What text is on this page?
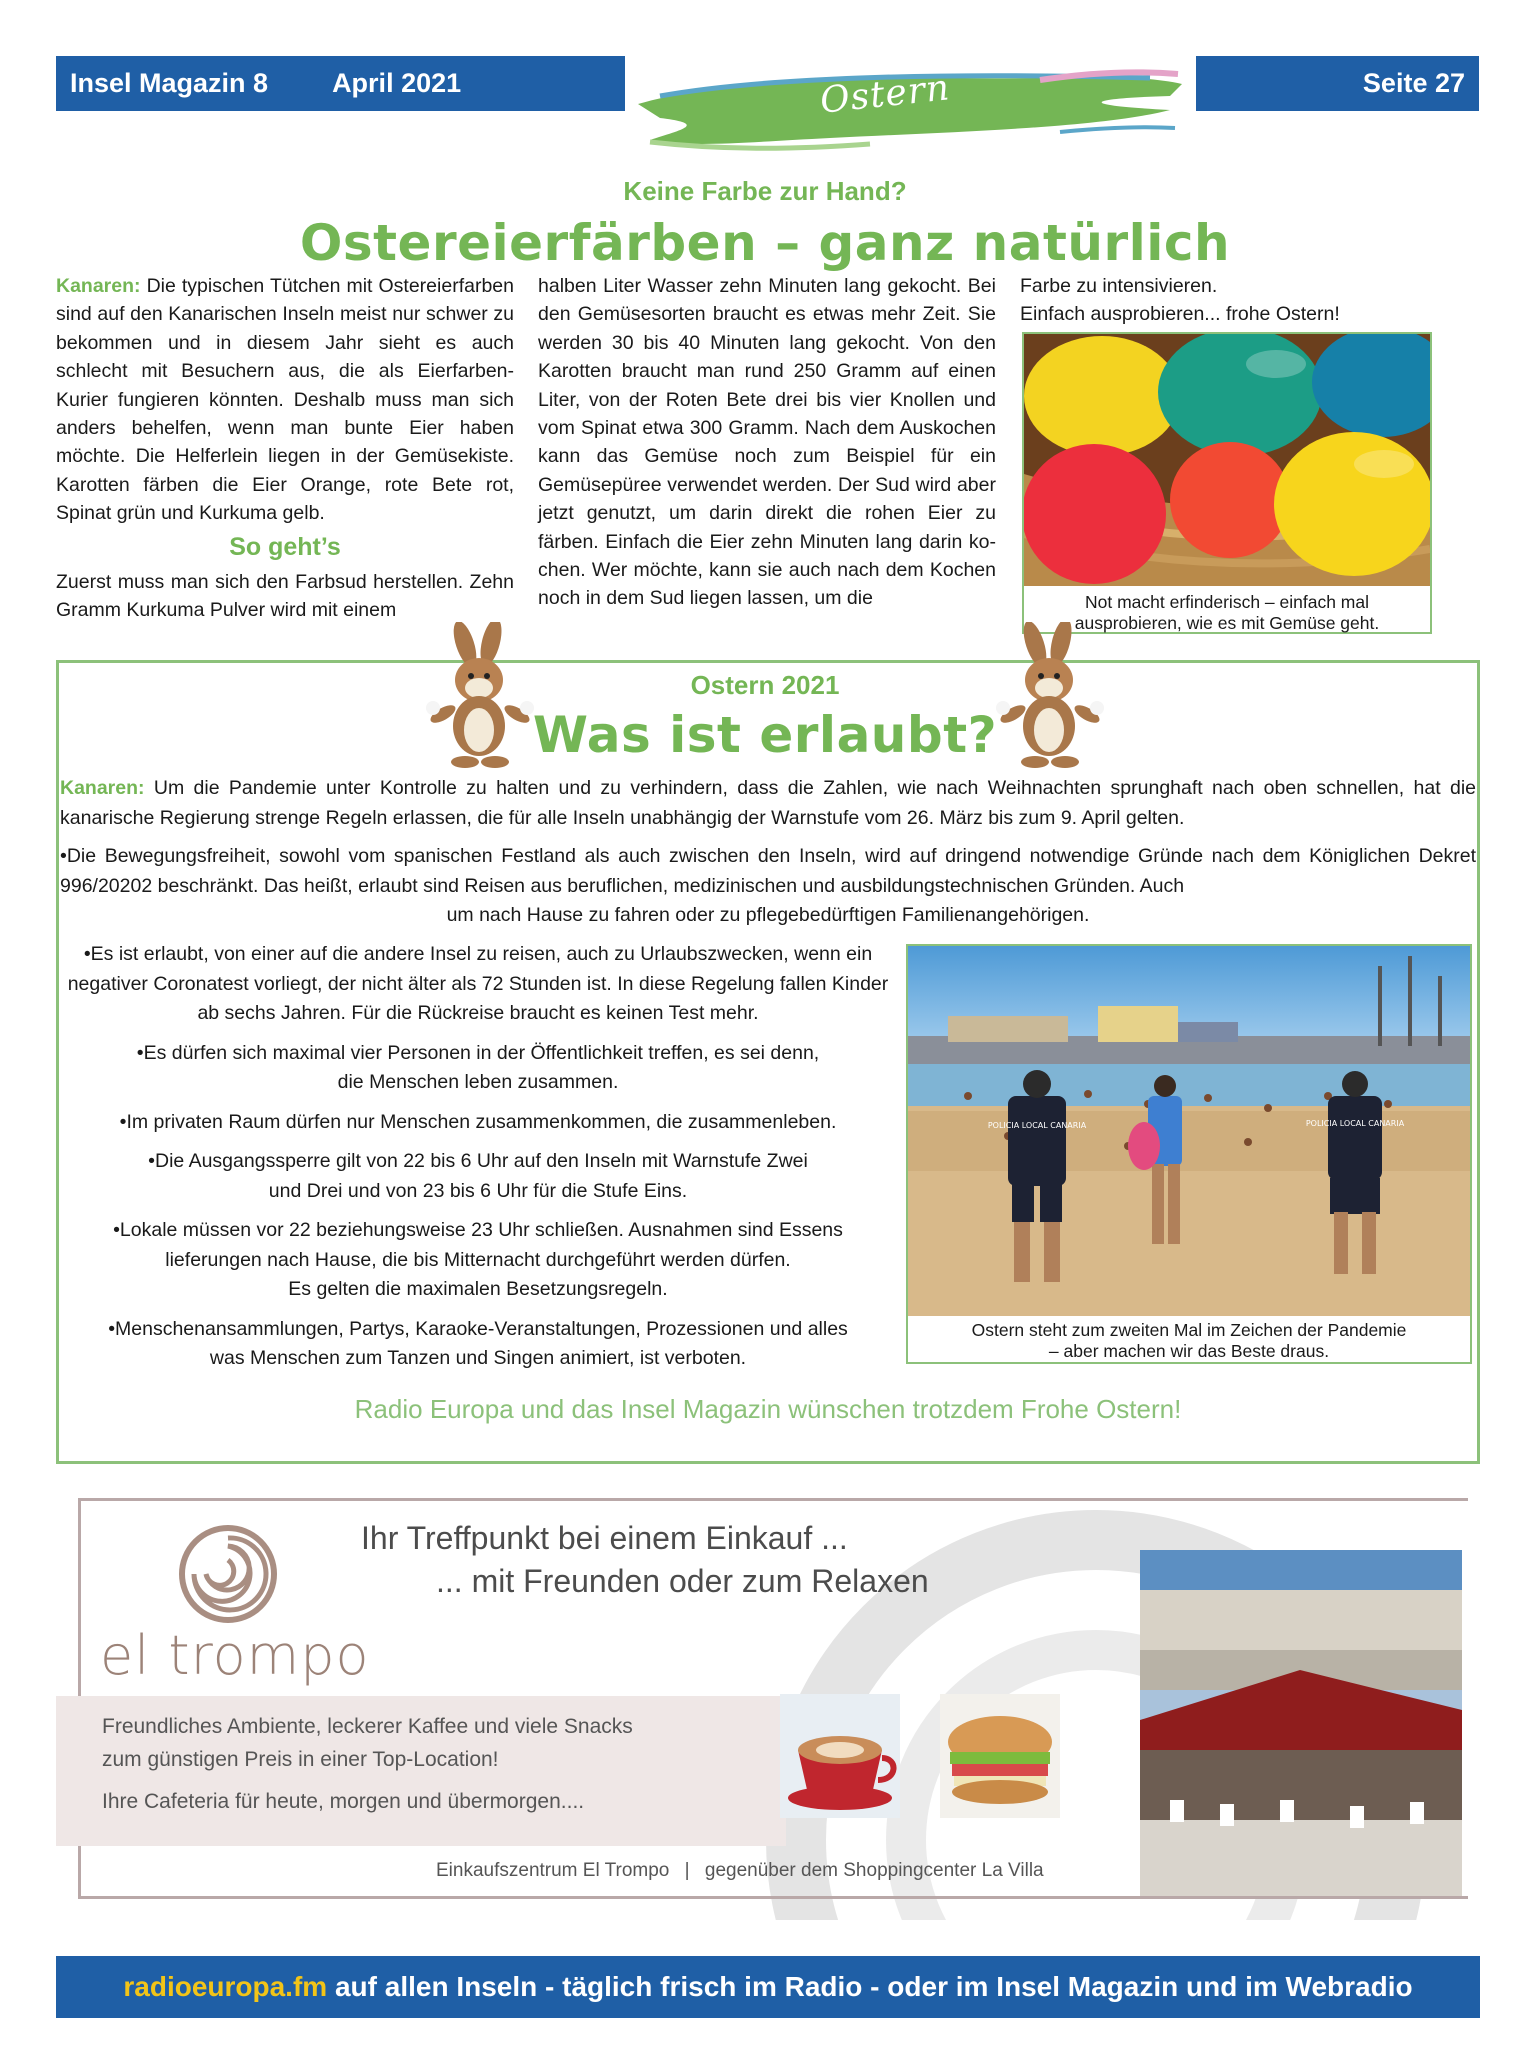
Insel Magazin 8 April 2021	Ostern	Seite 27
Keine Farbe zur Hand?
Ostereierfärben – ganz natürlich

Kanaren: Die typischen Tütchen mit Ostereierfarben sind auf den Kanarischen Inseln meist nur schwer zu bekommen und in diesem Jahr sieht es auch schlecht mit Besuchern aus, die als Eierfarben-Kurier fungieren könnten. Deshalb muss man sich anders behelfen, wenn man bunte Eier haben möchte. Die Helferlein liegen in der Gemüsekiste. Karotten färben die Eier Orange, rote Bete rot, Spinat grün und Kurkuma gelb.

So geht’s

Zuerst muss man sich den Farbsud herstellen. Zehn Gramm Kurkuma Pulver wird mit einem

halben Liter Wasser zehn Minuten lang gekocht. Bei den Gemüsesorten braucht es etwas mehr Zeit. Sie werden 30 bis 40 Minuten lang gekocht. Von den Karotten braucht man rund 250 Gramm auf einen Liter, von der Roten Bete drei bis vier Knollen und vom Spinat etwa 300 Gramm. Nach dem Auskochen kann das Gemüse noch zum Beispiel für ein Gemüsepüree verwendet werden. Der Sud wird aber jetzt genutzt, um darin direkt die rohen Eier zu färben. Einfach die Eier zehn Minuten lang darin kochen. Wer möchte, kann sie auch nach dem Kochen noch in dem Sud liegen lassen, um die

Farbe zu intensivieren.
Einfach ausprobieren... frohe Ostern!
Not macht erfinderisch – einfach mal
ausprobieren, wie es mit Gemüse geht.
Ostern 2021
Was ist erlaubt?
Kanaren: Um die Pandemie unter Kontrolle zu halten und zu verhindern, dass die Zahlen, wie nach Weihnachten sprunghaft nach oben schnellen, hat die kanarische Regierung strenge Regeln erlassen, die für alle Inseln unabhängig der Warnstufe vom 26. März bis zum 9. April gelten.
•Die Bewegungsfreiheit, sowohl vom spanischen Festland als auch zwischen den Inseln, wird auf dringend notwendige Gründe nach dem Königlichen Dekret 996/20202 beschränkt. Das heißt, erlaubt sind Reisen aus beruflichen, medizinischen und ausbildungstechnischen Gründen. Auch
um nach Hause zu fahren oder zu pflegebedürftigen Familienangehörigen.
•Es ist erlaubt, von einer auf die andere Insel zu reisen, auch zu Urlaubszwecken, wenn ein negativer Coronatest vorliegt, der nicht älter als 72 Stunden ist. In diese Regelung fallen Kinder ab sechs Jahren. Für die Rückreise braucht es keinen Test mehr.
•Es dürfen sich maximal vier Personen in der Öffentlichkeit treffen, es sei denn,
die Menschen leben zusammen.
•Im privaten Raum dürfen nur Menschen zusammenkommen, die zusammenleben.
•Die Ausgangssperre gilt von 22 bis 6 Uhr auf den Inseln mit Warnstufe Zwei
und Drei und von 23 bis 6 Uhr für die Stufe Eins.
•Lokale müssen vor 22 beziehungsweise 23 Uhr schließen. Ausnahmen sind Essens
lieferungen nach Hause, die bis Mitternacht durchgeführt werden dürfen.
Es gelten die maximalen Besetzungsregeln.
•Menschenansammlungen, Partys, Karaoke-Veranstaltungen, Prozessionen und alles
was Menschen zum Tanzen und Singen animiert, ist verboten.
POLICIA LOCAL CANARIA	POLICIA LOCAL CANARIA
Ostern steht zum zweiten Mal im Zeichen der Pandemie
– aber machen wir das Beste draus.
Radio Europa und das Insel Magazin wünschen trotzdem Frohe Ostern!
el trompo
Ihr Treffpunkt bei einem Einkauf ...
... mit Freunden oder zum Relaxen
Freundliches Ambiente, leckerer Kaffee und viele Snacks
zum günstigen Preis in einer Top-Location!
Ihre Cafeteria für heute, morgen und übermorgen....
Einkaufszentrum El Trompo | gegenüber dem Shoppingcenter La Villa
radioeuropa.fm
auf allen Inseln - täglich frisch im Radio - oder im Insel Magazin und im Webradio
